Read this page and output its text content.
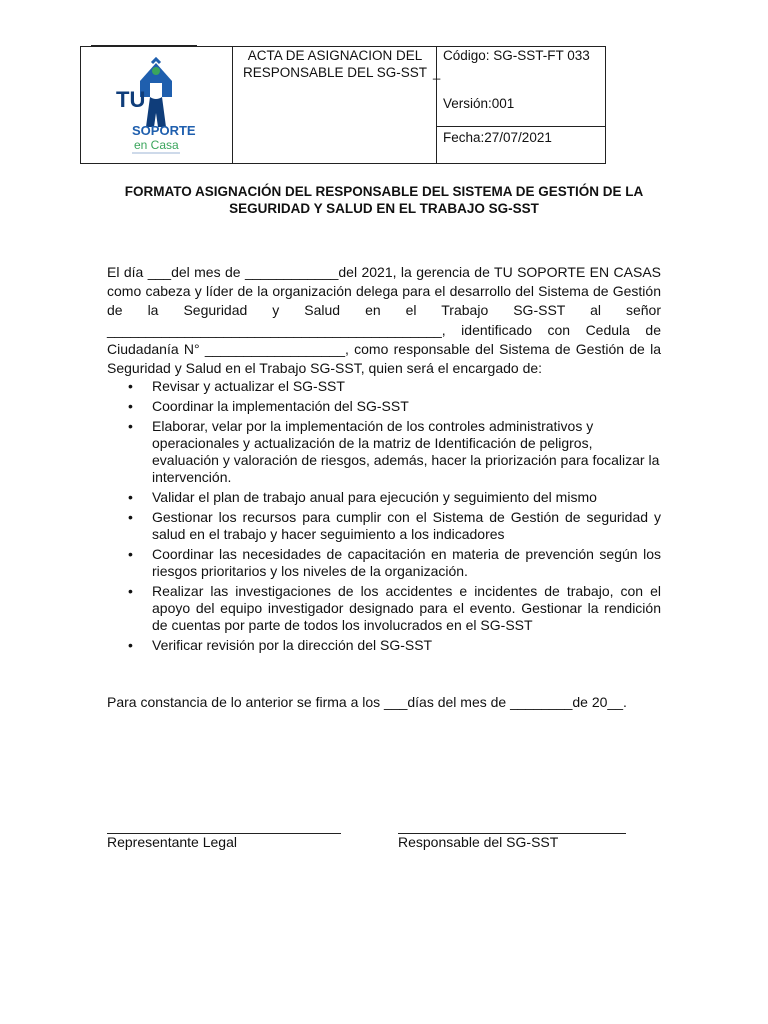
TU
SOPORTE
en Casa
ACTA DE ASIGNACION DEL RESPONSABLE DEL SG-SST _
Código: SG-SST-FT 033
Versión:001
Fecha:27/07/2021
FORMATO ASIGNACIÓN DEL RESPONSABLE DEL SISTEMA DE GESTIÓN DE LA SEGURIDAD Y SALUD EN EL TRABAJO SG-SST
El día ___del mes de ____________del 2021, la gerencia de TU SOPORTE EN CASAS como cabeza y líder de la organización delega para el desarrollo del Sistema de Gestión de la Seguridad y Salud en el Trabajo SG-SST al señor ___________________________________________, identificado con Cedula de Ciudadanía N° __________________, como responsable del Sistema de Gestión de la Seguridad y Salud en el Trabajo SG-SST, quien será el encargado de:
• Revisar y actualizar el SG-SST
• Coordinar la implementación del SG-SST
• Elaborar, velar por la implementación de los controles administrativos y operacionales y actualización de la matriz de Identificación de peligros, evaluación y valoración de riesgos, además, hacer la priorización para focalizar la intervención.
• Validar el plan de trabajo anual para ejecución y seguimiento del mismo
• Gestionar los recursos para cumplir con el Sistema de Gestión de seguridad y salud en el trabajo y hacer seguimiento a los indicadores
• Coordinar las necesidades de capacitación en materia de prevención según los riesgos prioritarios y los niveles de la organización.
• Realizar las investigaciones de los accidentes e incidentes de trabajo, con el apoyo del equipo investigador designado para el evento. Gestionar la rendición de cuentas por parte de todos los involucrados en el SG-SST
• Verificar revisión por la dirección del SG-SST
Para constancia de lo anterior se firma a los ___días del mes de ________de 20__.
Representante Legal	Responsable del SG-SST
